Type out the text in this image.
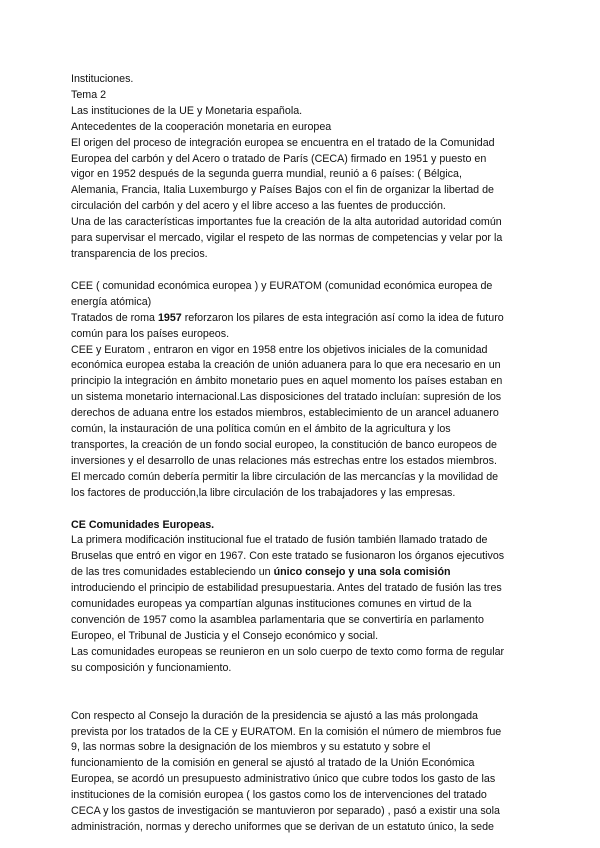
Instituciones.
Tema 2
Las instituciones de la UE y Monetaria española.
Antecedentes de la cooperación monetaria en europea
El origen del proceso de integración europea se encuentra en el tratado de la Comunidad
Europea del carbón y del Acero o tratado de París (CECA) firmado en 1951 y puesto en
vigor en 1952 después de la segunda guerra mundial, reunió a 6 países: ( Bélgica,
Alemania, Francia, Italia Luxemburgo y Países Bajos con el fin de organizar la libertad de
circulación del carbón y del acero y el libre acceso a las fuentes de producción.
Una de las características importantes fue la creación de la alta autoridad autoridad común
para supervisar el mercado, vigilar el respeto de las normas de competencias y velar por la
transparencia de los precios.
CEE ( comunidad económica europea ) y EURATOM (comunidad económica europea de
energía atómica)
Tratados de roma 1957 reforzaron los pilares de esta integración así como la idea de futuro
común para los países europeos.
CEE y Euratom , entraron en vigor en 1958 entre los objetivos iniciales de la comunidad
económica europea estaba la creación de unión aduanera para lo que era necesario en un
principio la integración en ámbito monetario pues en aquel momento los países estaban en
un sistema monetario internacional.Las disposiciones del tratado incluían: supresión de los
derechos de aduana entre los estados miembros, establecimiento de un arancel aduanero
común, la instauración de una política común en el ámbito de la agricultura y los
transportes, la creación de un fondo social europeo, la constitución de banco europeos de
inversiones y el desarrollo de unas relaciones más estrechas entre los estados miembros.
El mercado común debería permitir la libre circulación de las mercancías y la movilidad de
los factores de producción,la libre circulación de los trabajadores y las empresas.
CE Comunidades Europeas.
La primera modificación institucional fue el tratado de fusión también llamado tratado de
Bruselas que entró en vigor en 1967. Con este tratado se fusionaron los órganos ejecutivos
de las tres comunidades estableciendo un único consejo y una sola comisión
introduciendo el principio de estabilidad presupuestaria. Antes del tratado de fusión las tres
comunidades europeas ya compartían algunas instituciones comunes en virtud de la
convención de 1957 como la asamblea parlamentaria que se convertiría en parlamento
Europeo, el Tribunal de Justicia y el Consejo económico y social.
Las comunidades europeas se reunieron en un solo cuerpo de texto como forma de regular
su composición y funcionamiento.
Con respecto al Consejo la duración de la presidencia se ajustó a las más prolongada
prevista por los tratados de la CE y EURATOM. En la comisión el número de miembros fue
9, las normas sobre la designación de los miembros y su estatuto y sobre el
funcionamiento de la comisión en general se ajustó al tratado de la Unión Económica
Europea, se acordó un presupuesto administrativo único que cubre todos los gasto de las
instituciones de la comisión europea ( los gastos como los de intervenciones del tratado
CECA y los gastos de investigación se mantuvieron por separado) , pasó a existir una sola
administración, normas y derecho uniformes que se derivan de un estatuto único, la sede
